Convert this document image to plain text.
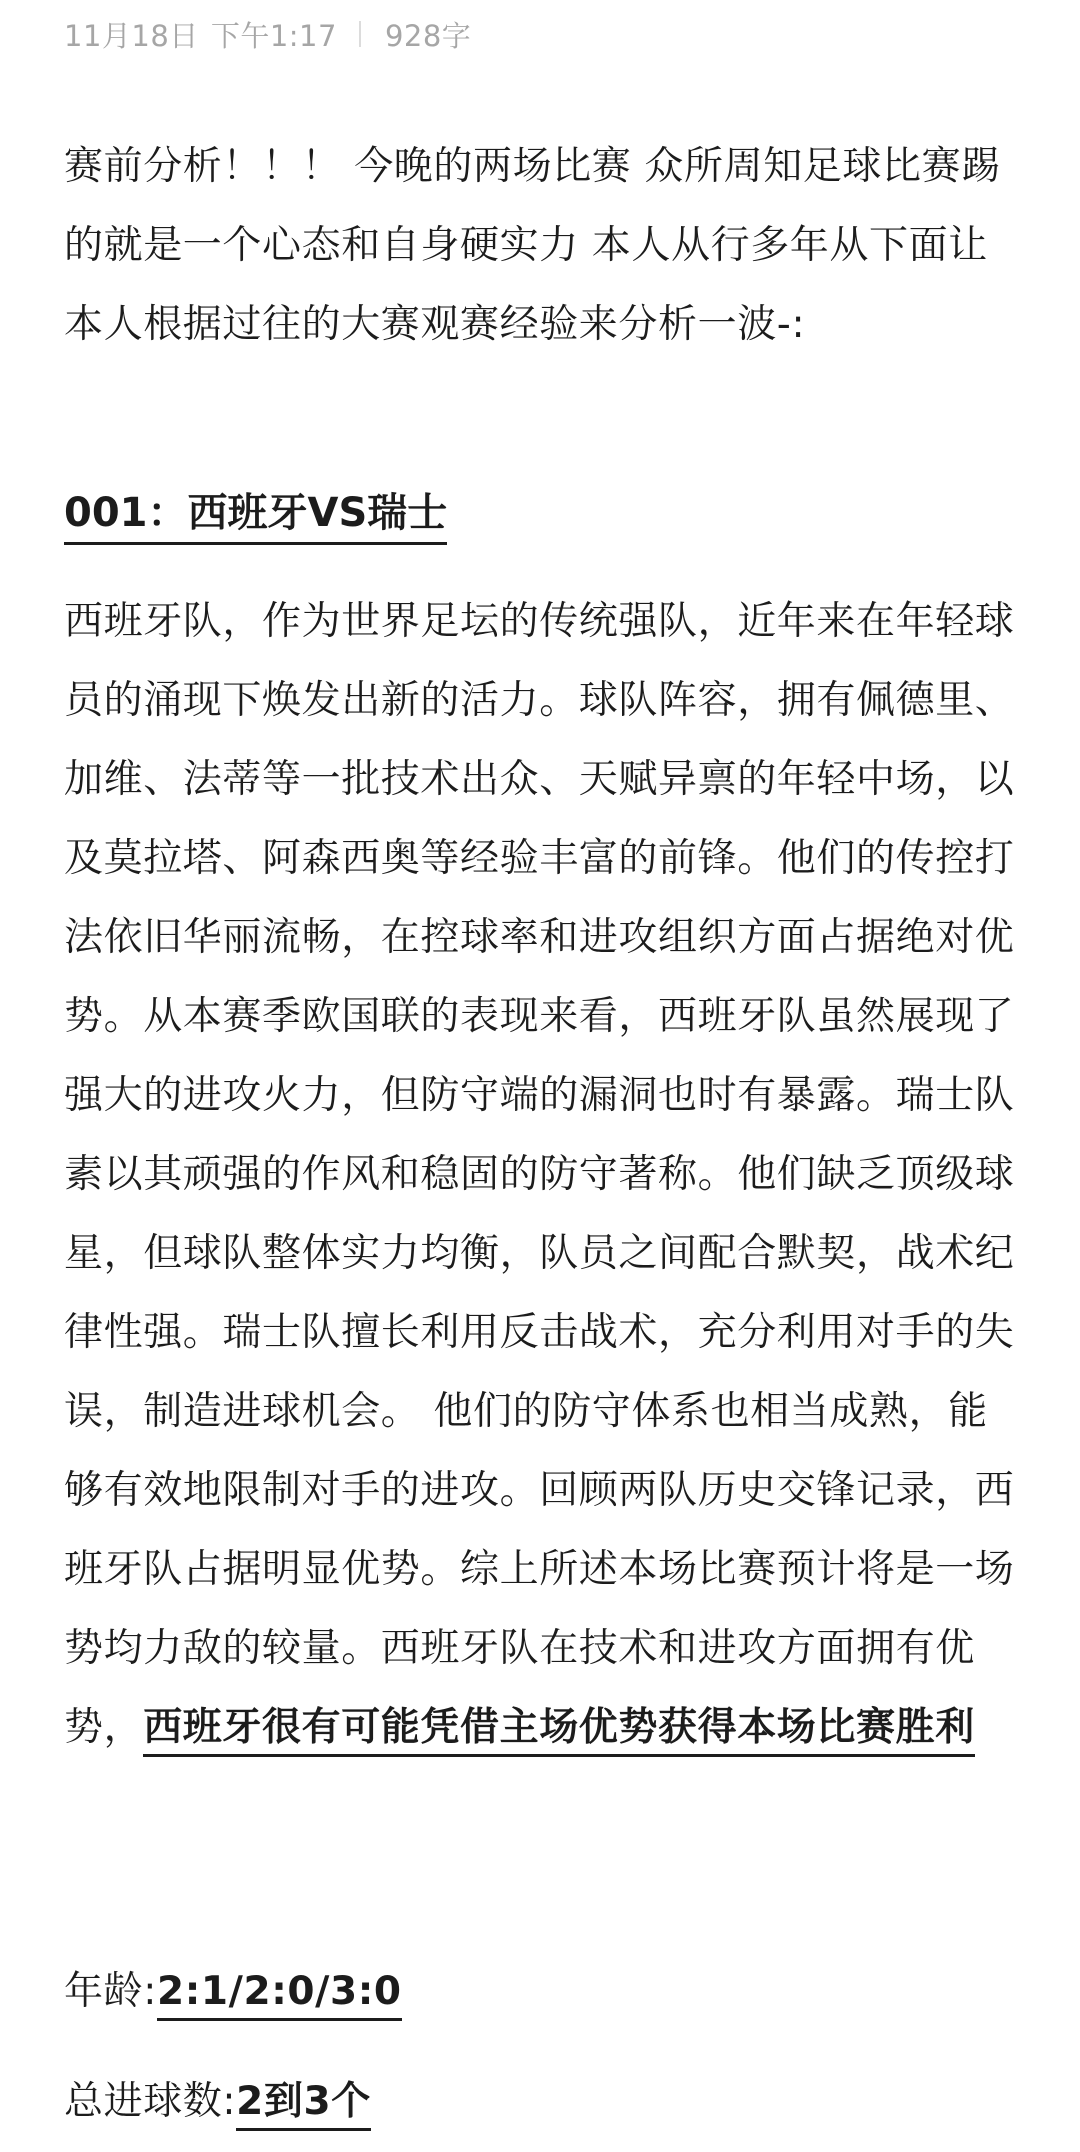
11月18日 下午1:17 928字

赛前分析！！！ 今晚的两场比赛 众所周知足球比赛踢的就是一个心态和自身硬实力 本人从行多年从下面让本人根据过往的大赛观赛经验来分析一波-:

001：西班牙VS瑞士

西班牙队，作为世界足坛的传统强队，近年来在年轻球员的涌现下焕发出新的活力。球队阵容，拥有佩德里、加维、法蒂等一批技术出众、天赋异禀的年轻中场，以及莫拉塔、阿森西奥等经验丰富的前锋。他们的传控打法依旧华丽流畅，在控球率和进攻组织方面占据绝对优势。从本赛季欧国联的表现来看，西班牙队虽然展现了强大的进攻火力，但防守端的漏洞也时有暴露。瑞士队素以其顽强的作风和稳固的防守著称。他们缺乏顶级球星，但球队整体实力均衡，队员之间配合默契，战术纪律性强。瑞士队擅长利用反击战术，充分利用对手的失误，制造进球机会。 他们的防守体系也相当成熟，能够有效地限制对手的进攻。回顾两队历史交锋记录，西班牙队占据明显优势。综上所述本场比赛预计将是一场势均力敌的较量。西班牙队在技术和进攻方面拥有优势，西班牙很有可能凭借主场优势获得本场比赛胜利

年龄:2:1/2:0/3:0

总进球数:2到3个
